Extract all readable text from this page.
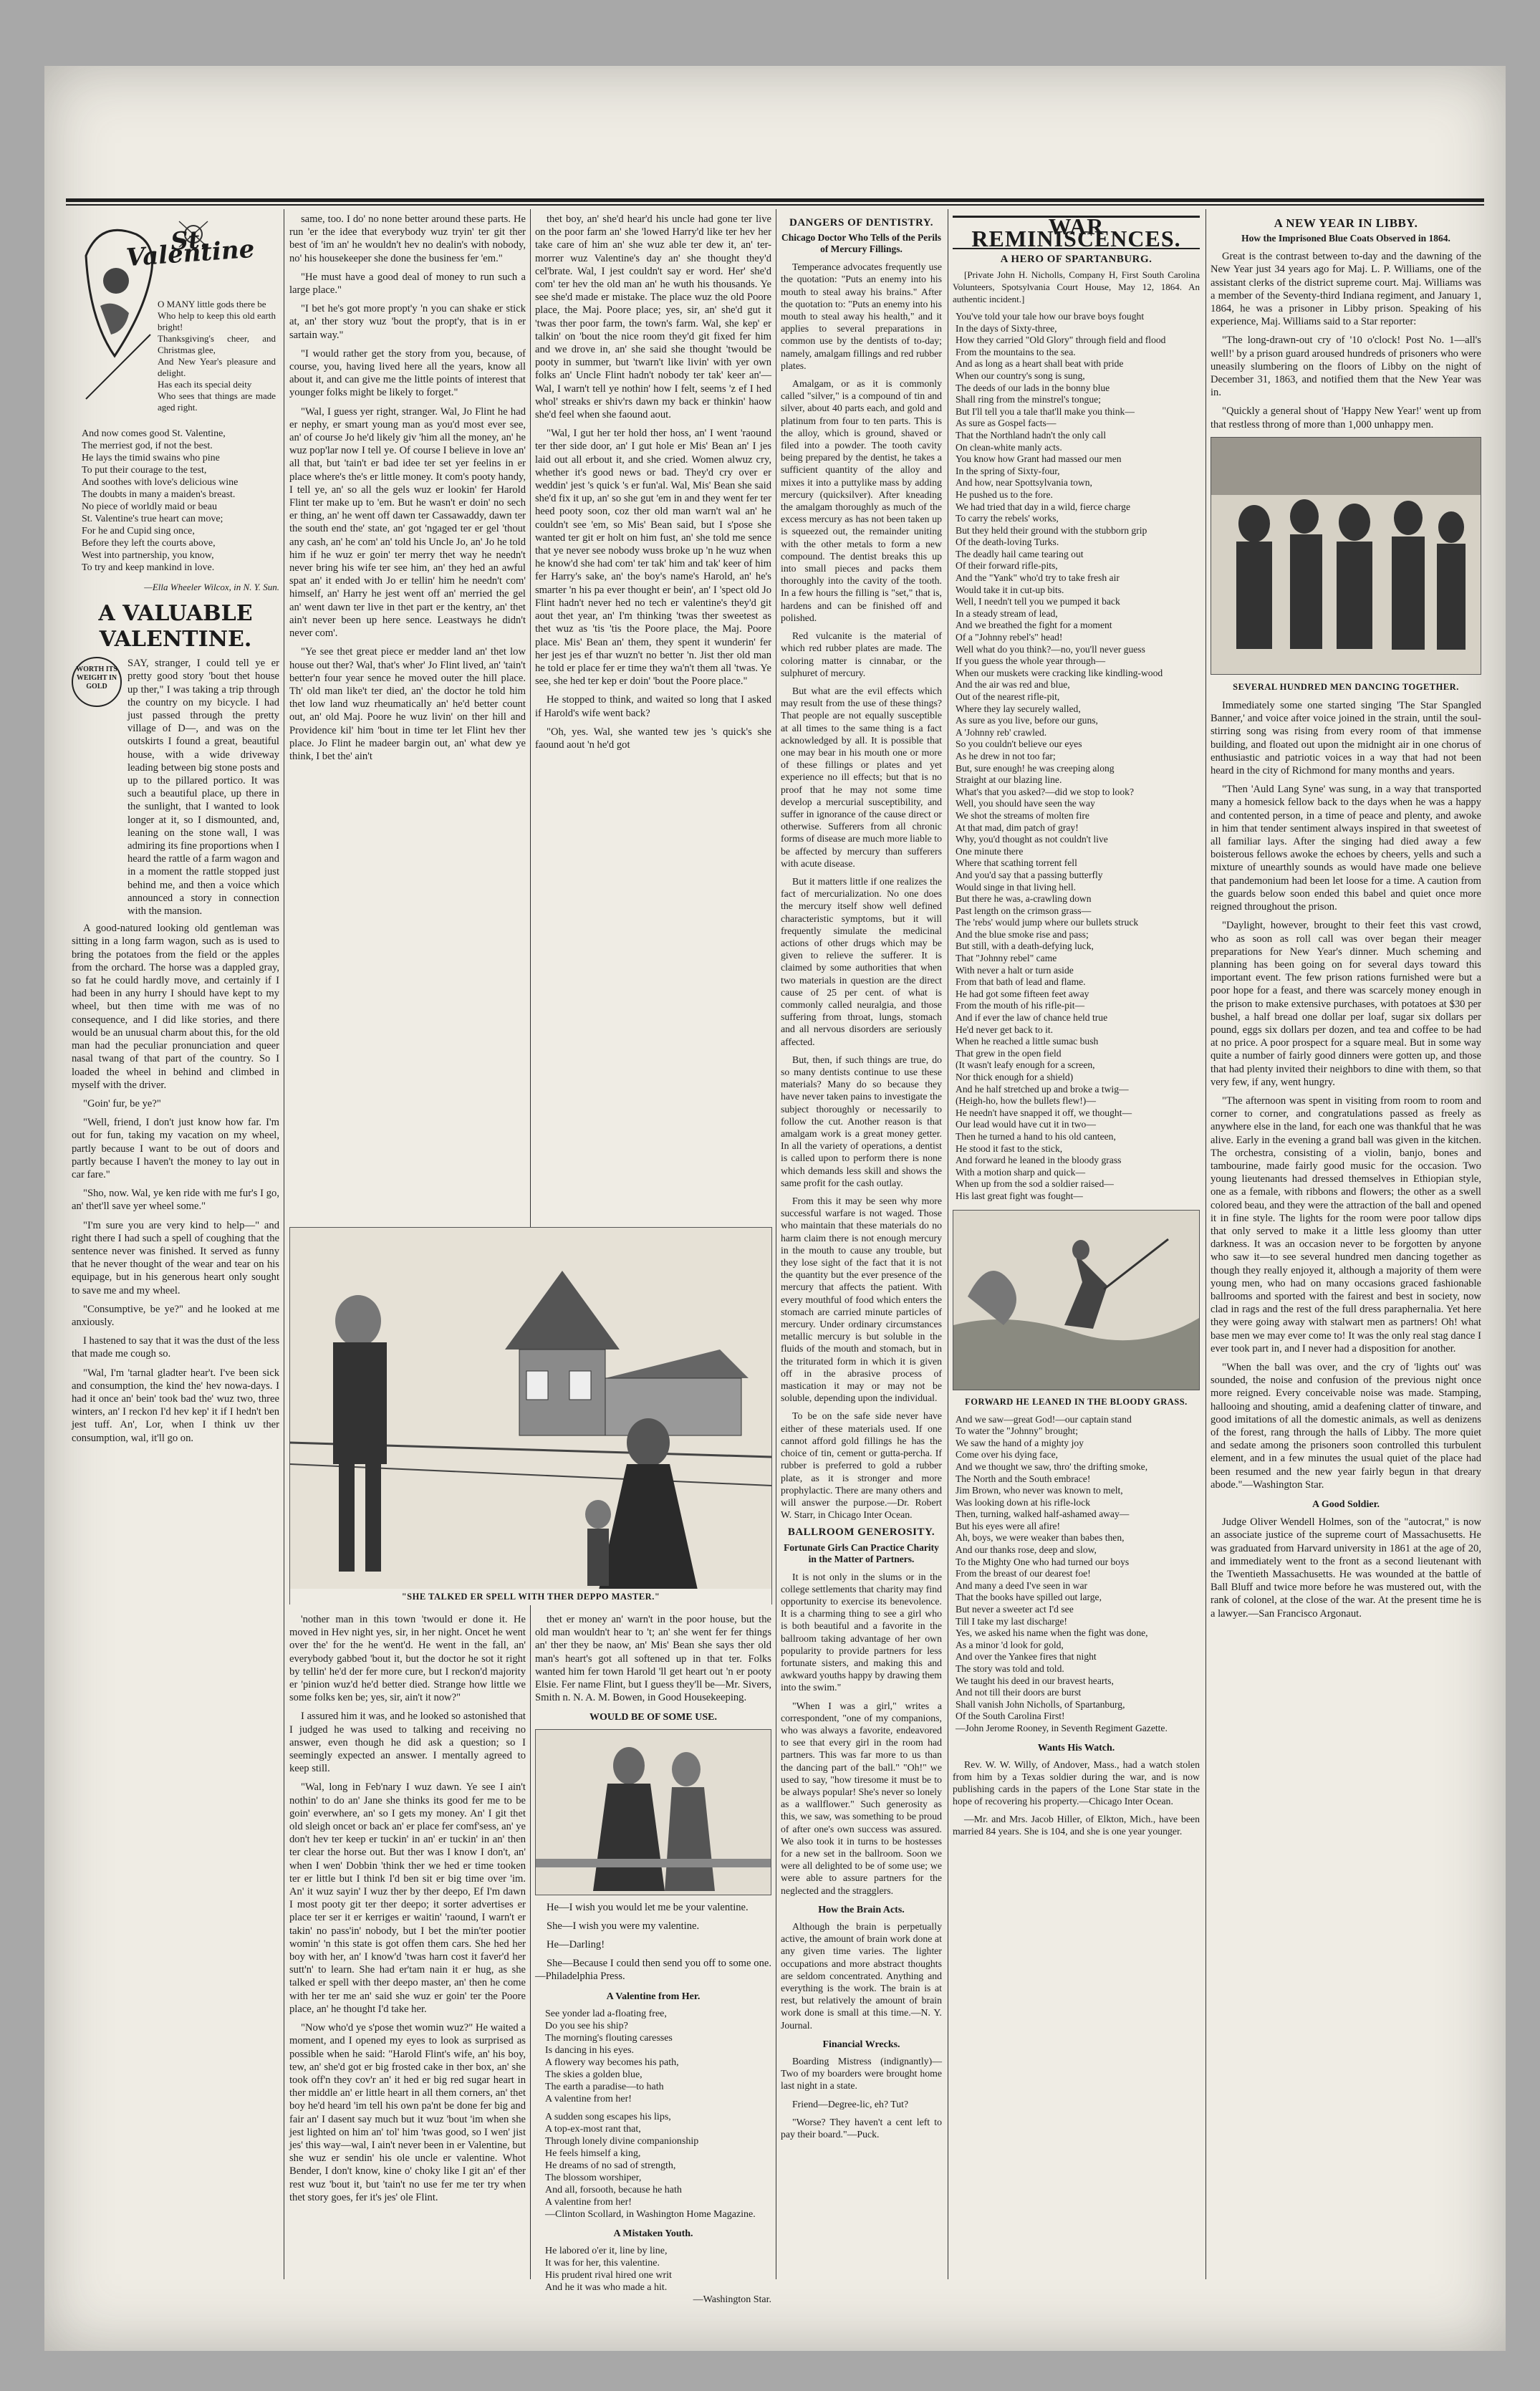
St. Valentine
O MANY little gods there be
Who help to keep this old earth bright!
Thanksgiving's cheer, and Christmas glee,
And New Year's pleasure and delight.
Has each its special deity
Who sees that things are made aged right.
And now comes good St. Valentine,
The merriest god, if not the best.
He lays the timid swains who pine
To put their courage to the test,
And soothes with love's delicious wine
The doubts in many a maiden's breast.
No piece of worldly maid or beau
St. Valentine's true heart can move;
For he and Cupid sing once,
Before they left the courts above,
West into partnership, you know,
To try and keep mankind in love.
—Ella Wheeler Wilcox, in N. Y. Sun.
A VALUABLE VALENTINE.
WORTH ITS WEIGHT IN GOLD

SAY, stranger, I could tell ye er pretty good story 'bout thet house up ther," I was taking a trip through the country on my bicycle. I had just passed through the pretty village of D—, and was on the outskirts I found a great, beautiful house, with a wide driveway leading between big stone posts and up to the pillared portico. It was such a beautiful place, up there in the sunlight, that I wanted to look longer at it, so I dismounted, and, leaning on the stone wall, I was admiring its fine proportions when I heard the rattle of a farm wagon and in a moment the rattle stopped just behind me, and then a voice which announced a story in connection with the mansion.

A good-natured looking old gentleman was sitting in a long farm wagon, such as is used to bring the potatoes from the field or the apples from the orchard. The horse was a dappled gray, so fat he could hardly move, and certainly if I had been in any hurry I should have kept to my wheel, but then time with me was of no consequence, and I did like stories, and there would be an unusual charm about this, for the old man had the peculiar pronunciation and queer nasal twang of that part of the country. So I loaded the wheel in behind and climbed in myself with the driver.

"Goin' fur, be ye?"

"Well, friend, I don't just know how far. I'm out for fun, taking my vacation on my wheel, partly because I want to be out of doors and partly because I haven't the money to lay out in car fare."

"Sho, now. Wal, ye ken ride with me fur's I go, an' thet'll save yer wheel some."

"I'm sure you are very kind to help—" and right there I had such a spell of coughing that the sentence never was finished. It served as funny that he never thought of the wear and tear on his equipage, but in his generous heart only sought to save me and my wheel.

"Consumptive, be ye?" and he looked at me anxiously.

I hastened to say that it was the dust of the less that made me cough so.

"Wal, I'm 'tarnal gladter hear't. I've been sick and consumption, the kind the' hev nowa-days. I had it once an' bein' took bad the' wuz two, three winters, an' I reckon I'd hev kep' it if I hedn't ben jest tuff. An', Lor, when I think uv ther consumption, wal, it'll go on.

same, too. I do' no none better around these parts. He run 'er the idee that everybody wuz tryin' ter git ther best of 'im an' he wouldn't hev no dealin's with nobody, no' his housekeeper she done the business fer 'em."

"He must have a good deal of money to run such a large place."

"I bet he's got more propt'y 'n you can shake er stick at, an' ther story wuz 'bout the propt'y, that is in er sartain way."

"I would rather get the story from you, because, of course, you, having lived here all the years, know all about it, and can give me the little points of interest that younger folks might be likely to forget."

"Wal, I guess yer right, stranger. Wal, Jo Flint he had er nephy, er smart young man as you'd most ever see, an' of course Jo he'd likely giv 'him all the money, an' he wuz pop'lar now I tell ye. Of course I believe in love an' all that, but 'tain't er bad idee ter set yer feelins in er place where's the's er little money. It com's pooty handy, I tell ye, an' so all the gels wuz er lookin' fer Harold Flint ter make up to 'em. But he wasn't er doin' no sech er thing, an' he went off dawn ter Cassawaddy, dawn ter the south end the' state, an' got 'ngaged ter er gel 'thout any cash, an' he com' an' told his Uncle Jo, an' Jo he told him if he wuz er goin' ter merry thet way he needn't never bring his wife ter see him, an' they hed an awful spat an' it ended with Jo er tellin' him he needn't com' himself, an' Harry he jest went off an' merried the gel an' went dawn ter live in thet part er the kentry, an' thet ain't never been up here sence. Leastways he didn't never com'.

"Ye see thet great piece er medder land an' thet low house out ther? Wal, that's wher' Jo Flint lived, an' 'tain't better'n four year sence he moved outer the hill place. Th' old man like't ter died, an' the doctor he told him thet low land wuz rheumatically an' he'd better count out, an' old Maj. Poore he wuz livin' on ther hill and Providence kil' him 'bout in time ter let Flint hev ther place. Jo Flint he madeer bargin out, an' what dew ye think, I bet the' ain't

thet boy, an' she'd hear'd his uncle had gone ter live on the poor farm an' she 'lowed Harry'd like ter hev her take care of him an' she wuz able ter dew it, an' ter-morrer wuz Valentine's day an' she thought they'd cel'brate. Wal, I jest couldn't say er word. Her' she'd com' ter hev the old man an' he wuth his thousands. Ye see she'd made er mistake. The place wuz the old Poore place, the Maj. Poore place; yes, sir, an' she'd gut it 'twas ther poor farm, the town's farm. Wal, she kep' er talkin' on 'bout the nice room they'd git fixed fer him and we drove in, an' she said she thought 'twould be pooty in summer, but 'twarn't like livin' with yer own folks an' Uncle Flint hadn't nobody ter tak' keer an'— Wal, I warn't tell ye nothin' how I felt, seems 'z ef I hed whol' streaks er shiv'rs dawn my back er thinkin' haow she'd feel when she faound aout.

"Wal, I gut her ter hold ther hoss, an' I went 'raound ter ther side door, an' I gut hole er Mis' Bean an' I jes laid out all erbout it, and she cried. Women alwuz cry, whether it's good news or bad. They'd cry over er weddin' jest 's quick 's er fun'al. Wal, Mis' Bean she said she'd fix it up, an' so she gut 'em in and they went fer ter heed pooty soon, coz ther old man warn't wal an' he couldn't see 'em, so Mis' Bean said, but I s'pose she wanted ter git er holt on him fust, an' she told me sence that ye never see nobody wuss broke up 'n he wuz when he know'd she had com' ter tak' him and tak' keer of him fer Harry's sake, an' the boy's name's Harold, an' he's smarter 'n his pa ever thought er bein', an' I 'spect old Jo Flint hadn't never hed no tech er valentine's they'd git aout thet year, an' I'm thinking 'twas ther sweetest as thet wuz as 'tis 'tis the Poore place, the Maj. Poore place. Mis' Bean an' them, they spent it wunderin' fer her jest jes ef thar wuzn't no better 'n. Jist ther old man he told er place fer er time they wa'n't them all 'twas. Ye see, she hed ter kep er doin' 'bout the Poore place."

He stopped to think, and waited so long that I asked if Harold's wife went back?

"Oh, yes. Wal, she wanted tew jes 's quick's she faound aout 'n he'd got

"SHE TALKED ER SPELL WITH THER DEPPO MASTER."

'nother man in this town 'twould er done it. He moved in Hev night yes, sir, in her night. Oncet he went over the' for the he went'd. He went in the fall, an' everybody gabbed 'bout it, but the doctor he sot it right by tellin' he'd der fer more cure, but I reckon'd majority er 'pinion wuz'd he'd better died. Strange how little we some folks ken be; yes, sir, ain't it now?"

I assured him it was, and he looked so astonished that I judged he was used to talking and receiving no answer, even though he did ask a question; so I seemingly expected an answer. I mentally agreed to keep still.

"Wal, long in Feb'nary I wuz dawn. Ye see I ain't nothin' to do an' Jane she thinks its good fer me to be goin' everwhere, an' so I gets my money. An' I git thet old sleigh oncet or back an' er place fer comf'sess, an' ye don't hev ter keep er tuckin' in an' er tuckin' in an' then ter clear the horse out. But ther was I know I don't, an' when I wen' Dobbin 'think ther we hed er time tooken ter er little but I think I'd ben sit er big time over 'im. An' it wuz sayin' I wuz ther by ther deepo, Ef I'm dawn I most pooty git ter ther deepo; it sorter advertises er place ter ser it er kerriges er waitin' 'raound, I warn't er takin' no pass'in' nobody, but I bet the min'ter pootier womin' 'n this state is got offen them cars. She hed her boy with her, an' I know'd 'twas harn cost it faver'd her sutt'n' to learn. She had er'tam nain it er hug, as she talked er spell with ther deepo master, an' then he come with her ter me an' said she wuz er goin' ter the Poore place, an' he thought I'd take her.

"Now who'd ye s'pose thet womin wuz?" He waited a moment, and I opened my eyes to look as surprised as possible when he said: "Harold Flint's wife, an' his boy, tew, an' she'd got er big frosted cake in ther box, an' she took off'n they cov'r an' it hed er big red sugar heart in ther middle an' er little heart in all them corners, an' thet boy he'd heard 'im tell his own pa'nt be done fer big and fair an' I dasent say much but it wuz 'bout 'im when she jest lighted on him an' tol' him 'twas good, so I wen' jist jes' this way—wal, I ain't never been in er Valentine, but she wuz er sendin' his ole uncle er valentine. Whot Bender, I don't know, kine o' choky like I git an' ef ther rest wuz 'bout it, but 'tain't no use fer me ter try when thet story goes, fer it's jes' ole Flint.

thet er money an' warn't in the poor house, but the old man wouldn't hear to 't; an' she went fer fer things an' ther they be naow, an' Mis' Bean she says ther old man's heart's got all softened up in that ter. Folks wanted him fer town Harold 'll get heart out 'n er pooty Elsie. Fer name Flint, but I guess they'll be—Mr. Sivers, Smith n. N. A. M. Bowen, in Good Housekeeping.

WOULD BE OF SOME USE.

He—I wish you would let me be your valentine.

She—I wish you were my valentine.

He—Darling!

She—Because I could then send you off to some one.—Philadelphia Press.

A Valentine from Her.
See yonder lad a-floating free,
Do you see his ship?
The morning's flouting caresses
Is dancing in his eyes.
A flowery way becomes his path,
The skies a golden blue,
The earth a paradise—to hath
A valentine from her!
A sudden song escapes his lips,
A top-ex-most rant that,
Through lonely divine companionship
He feels himself a king,
He dreams of no sad of strength,
The blossom worshiper,
And all, forsooth, because he hath
A valentine from her!
—Clinton Scollard, in Washington Home Magazine.
A Mistaken Youth.
He labored o'er it, line by line,
It was for her, this valentine.
His prudent rival hired one writ
And he it was who made a hit.
—Washington Star.
DANGERS OF DENTISTRY.
Chicago Doctor Who Tells of the Perils of Mercury Fillings.

Temperance advocates frequently use the quotation: "Puts an enemy into his mouth to steal away his brains." After the quotation to: "Puts an enemy into his mouth to steal away his health," and it applies to several preparations in common use by the dentists of to-day; namely, amalgam fillings and red rubber plates.

Amalgam, or as it is commonly called "silver," is a compound of tin and silver, about 40 parts each, and gold and platinum from four to ten parts. This is the alloy, which is ground, shaved or filed into a powder. The tooth cavity being prepared by the dentist, he takes a sufficient quantity of the alloy and mixes it into a puttylike mass by adding mercury (quicksilver). After kneading the amalgam thoroughly as much of the excess mercury as has not been taken up is squeezed out, the remainder uniting with the other metals to form a new compound. The dentist breaks this up into small pieces and packs them thoroughly into the cavity of the tooth. In a few hours the filling is "set," that is, hardens and can be finished off and polished.

Red vulcanite is the material of which red rubber plates are made. The coloring matter is cinnabar, or the sulphuret of mercury.

But what are the evil effects which may result from the use of these things? That people are not equally susceptible at all times to the same thing is a fact acknowledged by all. It is possible that one may bear in his mouth one or more of these fillings or plates and yet experience no ill effects; but that is no proof that he may not some time develop a mercurial susceptibility, and suffer in ignorance of the cause direct or otherwise. Sufferers from all chronic forms of disease are much more liable to be affected by mercury than sufferers with acute disease.

But it matters little if one realizes the fact of mercurialization. No one does the mercury itself show well defined characteristic symptoms, but it will frequently simulate the medicinal actions of other drugs which may be given to relieve the sufferer. It is claimed by some authorities that when two materials in question are the direct cause of 25 per cent. of what is commonly called neuralgia, and those suffering from throat, lungs, stomach and all nervous disorders are seriously affected.

But, then, if such things are true, do so many dentists continue to use these materials? Many do so because they have never taken pains to investigate the subject thoroughly or necessarily to follow the cut. Another reason is that amalgam work is a great money getter. In all the variety of operations, a dentist is called upon to perform there is none which demands less skill and shows the same profit for the cash outlay.

From this it may be seen why more successful warfare is not waged. Those who maintain that these materials do no harm claim there is not enough mercury in the mouth to cause any trouble, but they lose sight of the fact that it is not the quantity but the ever presence of the mercury that affects the patient. With every mouthful of food which enters the stomach are carried minute particles of mercury. Under ordinary circumstances metallic mercury is but soluble in the fluids of the mouth and stomach, but in the triturated form in which it is given off in the abrasive process of mastication it may or may not be soluble, depending upon the individual.

To be on the safe side never have either of these materials used. If one cannot afford gold fillings he has the choice of tin, cement or gutta-percha. If rubber is preferred to gold a rubber plate, as it is stronger and more prophylactic. There are many others and will answer the purpose.—Dr. Robert W. Starr, in Chicago Inter Ocean.

BALLROOM GENEROSITY.
Fortunate Girls Can Practice Charity in the Matter of Partners.

It is not only in the slums or in the college settlements that charity may find opportunity to exercise its benevolence. It is a charming thing to see a girl who is both beautiful and a favorite in the ballroom taking advantage of her own popularity to provide partners for less fortunate sisters, and making this and awkward youths happy by drawing them into the swim."

"When I was a girl," writes a correspondent, "one of my companions, who was always a favorite, endeavored to see that every girl in the room had partners. This was far more to us than the dancing part of the ball." "Oh!" we used to say, "how tiresome it must be to be always popular! She's never so lonely as a wallflower." Such generosity as this, we saw, was something to be proud of after one's own success was assured. We also took it in turns to be hostesses for a new set in the ballroom. Soon we were all delighted to be of some use; we were able to assure partners for the neglected and the stragglers.

How the Brain Acts.

Although the brain is perpetually active, the amount of brain work done at any given time varies. The lighter occupations and more abstract thoughts are seldom concentrated. Anything and everything is the work. The brain is at rest, but relatively the amount of brain work done is small at this time.—N. Y. Journal.

Financial Wrecks.

Boarding Mistress (indignantly)—Two of my boarders were brought home last night in a state.

Friend—Degree-lic, eh? Tut?

"Worse? They haven't a cent left to pay their board."—Puck.

WAR REMINISCENCES.
A HERO OF SPARTANBURG.

[Private John H. Nicholls, Company H, First South Carolina Volunteers, Spotsylvania Court House, May 12, 1864. An authentic incident.]

You've told your tale how our brave boys fought
In the days of Sixty-three,
How they carried "Old Glory" through field and flood
From the mountains to the sea.
And as long as a heart shall beat with pride
When our country's song is sung,
The deeds of our lads in the bonny blue
Shall ring from the minstrel's tongue;
But I'll tell you a tale that'll make you think—
As sure as Gospel facts—
That the Northland hadn't the only call
On clean-white manly acts.
You know how Grant had massed our men
In the spring of Sixty-four,
And how, near Spottsylvania town,
He pushed us to the fore.
We had tried that day in a wild, fierce charge
To carry the rebels' works,
But they held their ground with the stubborn grip
Of the death-loving Turks.
The deadly hail came tearing out
Of their forward rifle-pits,
And the "Yank" who'd try to take fresh air
Would take it in cut-up bits.
Well, I needn't tell you we pumped it back
In a steady stream of lead,
And we breathed the fight for a moment
Of a "Johnny rebel's" head!
Well what do you think?—no, you'll never guess
If you guess the whole year through—
When our muskets were cracking like kindling-wood
And the air was red and blue,
Out of the nearest rifle-pit,
Where they lay securely walled,
As sure as you live, before our guns,
A 'Johnny reb' crawled.
So you couldn't believe our eyes
As he drew in not too far;
But, sure enough! he was creeping along
Straight at our blazing line.
What's that you asked?—did we stop to look?
Well, you should have seen the way
We shot the streams of molten fire
At that mad, dim patch of gray!
Why, you'd thought as not couldn't live
One minute there
Where that scathing torrent fell
And you'd say that a passing butterfly
Would singe in that living hell.
But there he was, a-crawling down
Past length on the crimson grass—
The 'rebs' would jump where our bullets struck
And the blue smoke rise and pass;
But still, with a death-defying luck,
That "Johnny rebel" came
With never a halt or turn aside
From that bath of lead and flame.
He had got some fifteen feet away
From the mouth of his rifle-pit—
And if ever the law of chance held true
He'd never get back to it.
When he reached a little sumac bush
That grew in the open field
(It wasn't leafy enough for a screen,
Nor thick enough for a shield)
And he half stretched up and broke a twig—
(Heigh-ho, how the bullets flew!)—
He needn't have snapped it off, we thought—
Our lead would have cut it in two—
Then he turned a hand to his old canteen,
He stood it fast to the stick,
And forward he leaned in the bloody grass
With a motion sharp and quick—
When up from the sod a soldier raised—
His last great fight was fought—
FORWARD HE LEANED IN THE BLOODY GRASS.
And we saw—great God!—our captain stand
To water the "Johnny" brought;
We saw the hand of a mighty joy
Come over his dying face,
And we thought we saw, thro' the drifting smoke,
The North and the South embrace!
Jim Brown, who never was known to melt,
Was looking down at his rifle-lock
Then, turning, walked half-ashamed away—
But his eyes were all afire!
Ah, boys, we were weaker than babes then,
And our thanks rose, deep and slow,
To the Mighty One who had turned our boys
From the breast of our dearest foe!
And many a deed I've seen in war
That the books have spilled out large,
But never a sweeter act I'd see
Till I take my last discharge!
Yes, we asked his name when the fight was done,
As a minor 'd look for gold,
And over the Yankee fires that night
The story was told and told.
We taught his deed in our bravest hearts,
And not till their doors are burst
Shall vanish John Nicholls, of Spartanburg,
Of the South Carolina First!
—John Jerome Rooney, in Seventh Regiment Gazette.
Wants His Watch.

Rev. W. W. Willy, of Andover, Mass., had a watch stolen from him by a Texas soldier during the war, and is now publishing cards in the papers of the Lone Star state in the hope of recovering his property.—Chicago Inter Ocean.

—Mr. and Mrs. Jacob Hiller, of Elkton, Mich., have been married 84 years. She is 104, and she is one year younger.

A NEW YEAR IN LIBBY.
How the Imprisoned Blue Coats Observed in 1864.

Great is the contrast between to-day and the dawning of the New Year just 34 years ago for Maj. L. P. Williams, one of the assistant clerks of the district supreme court. Maj. Williams was a member of the Seventy-third Indiana regiment, and January 1, 1864, he was a prisoner in Libby prison. Speaking of his experience, Maj. Williams said to a Star reporter:

"The long-drawn-out cry of '10 o'clock! Post No. 1—all's well!' by a prison guard aroused hundreds of prisoners who were uneasily slumbering on the floors of Libby on the night of December 31, 1863, and notified them that the New Year was in.

"Quickly a general shout of 'Happy New Year!' went up from that restless throng of more than 1,000 unhappy men.

SEVERAL HUNDRED MEN DANCING TOGETHER.

Immediately some one started singing 'The Star Spangled Banner,' and voice after voice joined in the strain, until the soul-stirring song was rising from every room of that immense building, and floated out upon the midnight air in one chorus of enthusiastic and patriotic voices in a way that had not been heard in the city of Richmond for many months and years.

"Then 'Auld Lang Syne' was sung, in a way that transported many a homesick fellow back to the days when he was a happy and contented person, in a time of peace and plenty, and awoke in him that tender sentiment always inspired in that sweetest of all familiar lays. After the singing had died away a few boisterous fellows awoke the echoes by cheers, yells and such a mixture of unearthly sounds as would have made one believe that pandemonium had been let loose for a time. A caution from the guards below soon ended this babel and quiet once more reigned throughout the prison.

"Daylight, however, brought to their feet this vast crowd, who as soon as roll call was over began their meager preparations for New Year's dinner. Much scheming and planning has been going on for several days toward this important event. The few prison rations furnished were but a poor hope for a feast, and there was scarcely money enough in the prison to make extensive purchases, with potatoes at $30 per bushel, a half bread one dollar per loaf, sugar six dollars per pound, eggs six dollars per dozen, and tea and coffee to be had at no price. A poor prospect for a square meal. But in some way quite a number of fairly good dinners were gotten up, and those that had plenty invited their neighbors to dine with them, so that very few, if any, went hungry.

"The afternoon was spent in visiting from room to room and corner to corner, and congratulations passed as freely as anywhere else in the land, for each one was thankful that he was alive. Early in the evening a grand ball was given in the kitchen. The orchestra, consisting of a violin, banjo, bones and tambourine, made fairly good music for the occasion. Two young lieutenants had dressed themselves in Ethiopian style, one as a female, with ribbons and flowers; the other as a swell colored beau, and they were the attraction of the ball and opened it in fine style. The lights for the room were poor tallow dips that only served to make it a little less gloomy than utter darkness. It was an occasion never to be forgotten by anyone who saw it—to see several hundred men dancing together as though they really enjoyed it, although a majority of them were young men, who had on many occasions graced fashionable ballrooms and sported with the fairest and best in society, now clad in rags and the rest of the full dress paraphernalia. Yet here they were going away with stalwart men as partners! Oh! what base men we may ever come to! It was the only real stag dance I ever took part in, and I never had a disposition for another.

"When the ball was over, and the cry of 'lights out' was sounded, the noise and confusion of the previous night once more reigned. Every conceivable noise was made. Stamping, hallooing and shouting, amid a deafening clatter of tinware, and good imitations of all the domestic animals, as well as denizens of the forest, rang through the halls of Libby. The more quiet and sedate among the prisoners soon controlled this turbulent element, and in a few minutes the usual quiet of the place had been resumed and the new year fairly begun in that dreary abode."—Washington Star.

A Good Soldier.

Judge Oliver Wendell Holmes, son of the "autocrat," is now an associate justice of the supreme court of Massachusetts. He was graduated from Harvard university in 1861 at the age of 20, and immediately went to the front as a second lieutenant with the Twentieth Massachusetts. He was wounded at the battle of Ball Bluff and twice more before he was mustered out, with the rank of colonel, at the close of the war. At the present time he is a lawyer.—San Francisco Argonaut.
